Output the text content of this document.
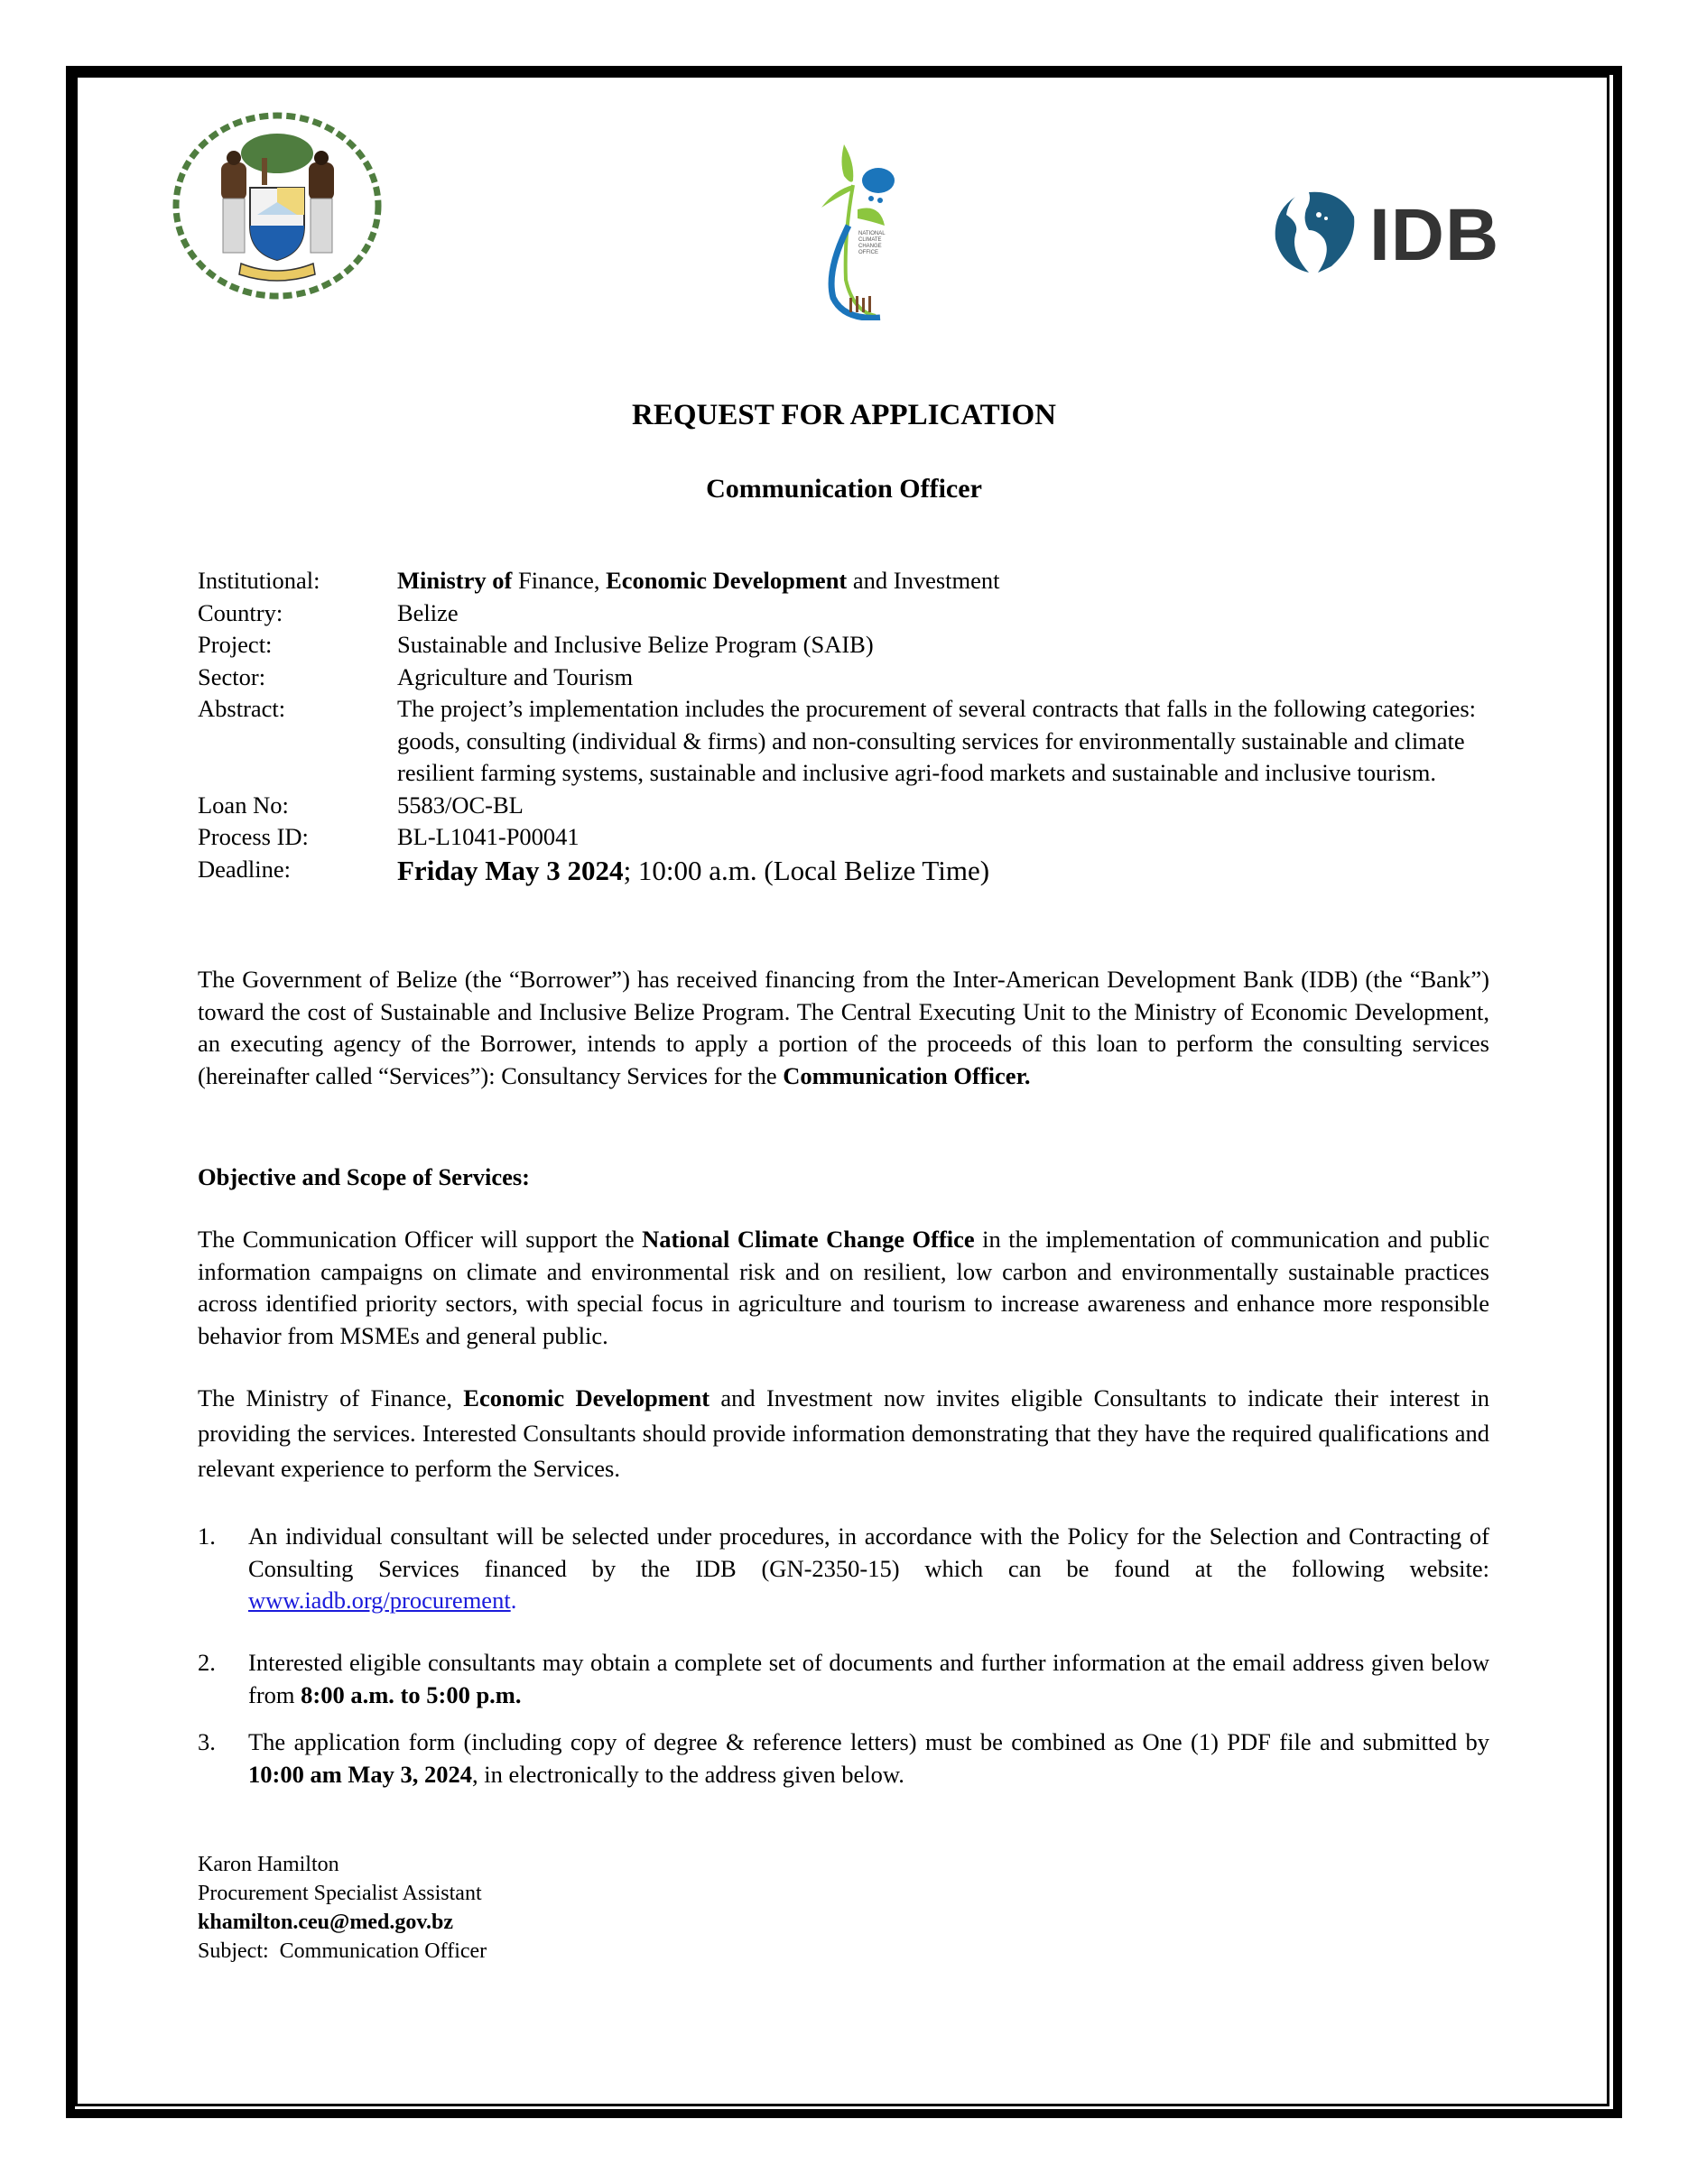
NATIONAL
CLIMATE
CHANGE
OFFICE	IDB
REQUEST FOR APPLICATION
Communication Officer
Institutional:	Ministry of Finance, Economic Development and Investment
Country:	Belize
Project:	Sustainable and Inclusive Belize Program (SAIB)
Sector:	Agriculture and Tourism
Abstract:	The project’s implementation includes the procurement of several contracts that falls in the following categories: goods, consulting (individual & firms) and non-consulting services for environmentally sustainable and climate resilient farming systems, sustainable and inclusive agri-food markets and sustainable and inclusive tourism.
Loan No:	5583/OC-BL
Process ID:	BL-L1041-P00041
Deadline:	Friday May 3 2024; 10:00 a.m. (Local Belize Time)
The Government of Belize (the “Borrower”) has received financing from the Inter-American Development Bank (IDB) (the “Bank”) toward the cost of Sustainable and Inclusive Belize Program. The Central Executing Unit to the Ministry of Economic Development, an executing agency of the Borrower, intends to apply a portion of the proceeds of this loan to perform the consulting services (hereinafter called “Services”): Consultancy Services for the Communication Officer.
Objective and Scope of Services:
The Communication Officer will support the National Climate Change Office in the implementation of communication and public information campaigns on climate and environmental risk and on resilient, low carbon and environmentally sustainable practices across identified priority sectors, with special focus in agriculture and tourism to increase awareness and enhance more responsible behavior from MSMEs and general public.
The Ministry of Finance, Economic Development and Investment now invites eligible Consultants to indicate their interest in providing the services. Interested Consultants should provide information demonstrating that they have the required qualifications and relevant experience to perform the Services.
1.	An individual consultant will be selected under procedures, in accordance with the Policy for the Selection and Contracting of Consulting Services financed by the IDB (GN-2350-15) which can be found at the following website: www.iadb.org/procurement.
2.	Interested eligible consultants may obtain a complete set of documents and further information at the email address given below from 8:00 a.m. to 5:00 p.m.
3.	The application form (including copy of degree & reference letters) must be combined as One (1) PDF file and submitted by 10:00 am May 3, 2024, in electronically to the address given below.
Karon Hamilton
Procurement Specialist Assistant
khamilton.ceu@med.gov.bz
Subject:  Communication Officer
